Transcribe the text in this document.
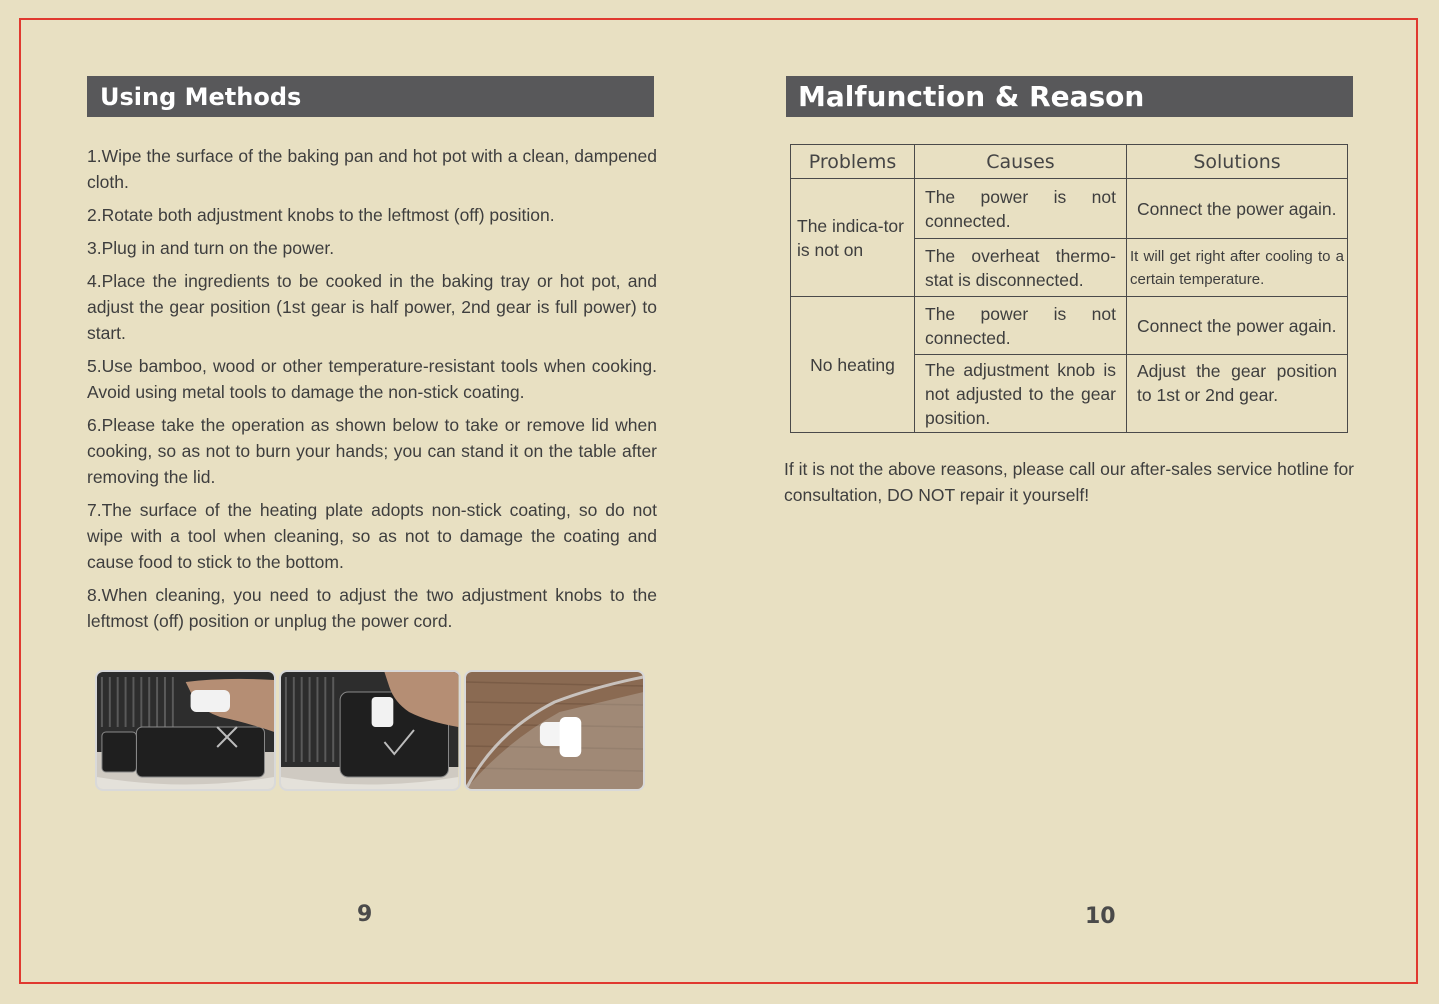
Using Methods
1.Wipe the surface of the baking pan and hot pot with a clean, dampened cloth.
2.Rotate both adjustment knobs to the leftmost (off) position.
3.Plug in and turn on the power.
4.Place the ingredients to be cooked in the baking tray or hot pot, and adjust the gear position (1st gear is half power, 2nd gear is full power) to start.
5.Use bamboo, wood or other temperature-resistant tools when cooking. Avoid using metal tools to damage the non-stick coating.
6.Please take the operation as shown below to take or remove lid when cooking, so as not to burn your hands; you can stand it on the table after removing the lid.
7.The surface of the heating plate adopts non-stick coating, so do not wipe with a tool when cleaning, so as not to damage the coating and cause food to stick to the bottom.
8.When cleaning, you need to adjust the two adjustment knobs to the leftmost (off) position or unplug the power cord.
9
Malfunction & Reason
Problems	Causes	Solutions
The indica-tor is not on	The power is not connected.	Connect the power again.
	The overheat thermo-stat is disconnected.	It will get right after cooling to a certain temperature.
No heating	The power is not connected.	Connect the power again.
	The adjustment knob is not adjusted to the gear position.	Adjust the gear position to 1st or 2nd gear.

If it is not the above reasons, please call our after-sales service hotline for consultation, DO NOT repair it yourself!

10
